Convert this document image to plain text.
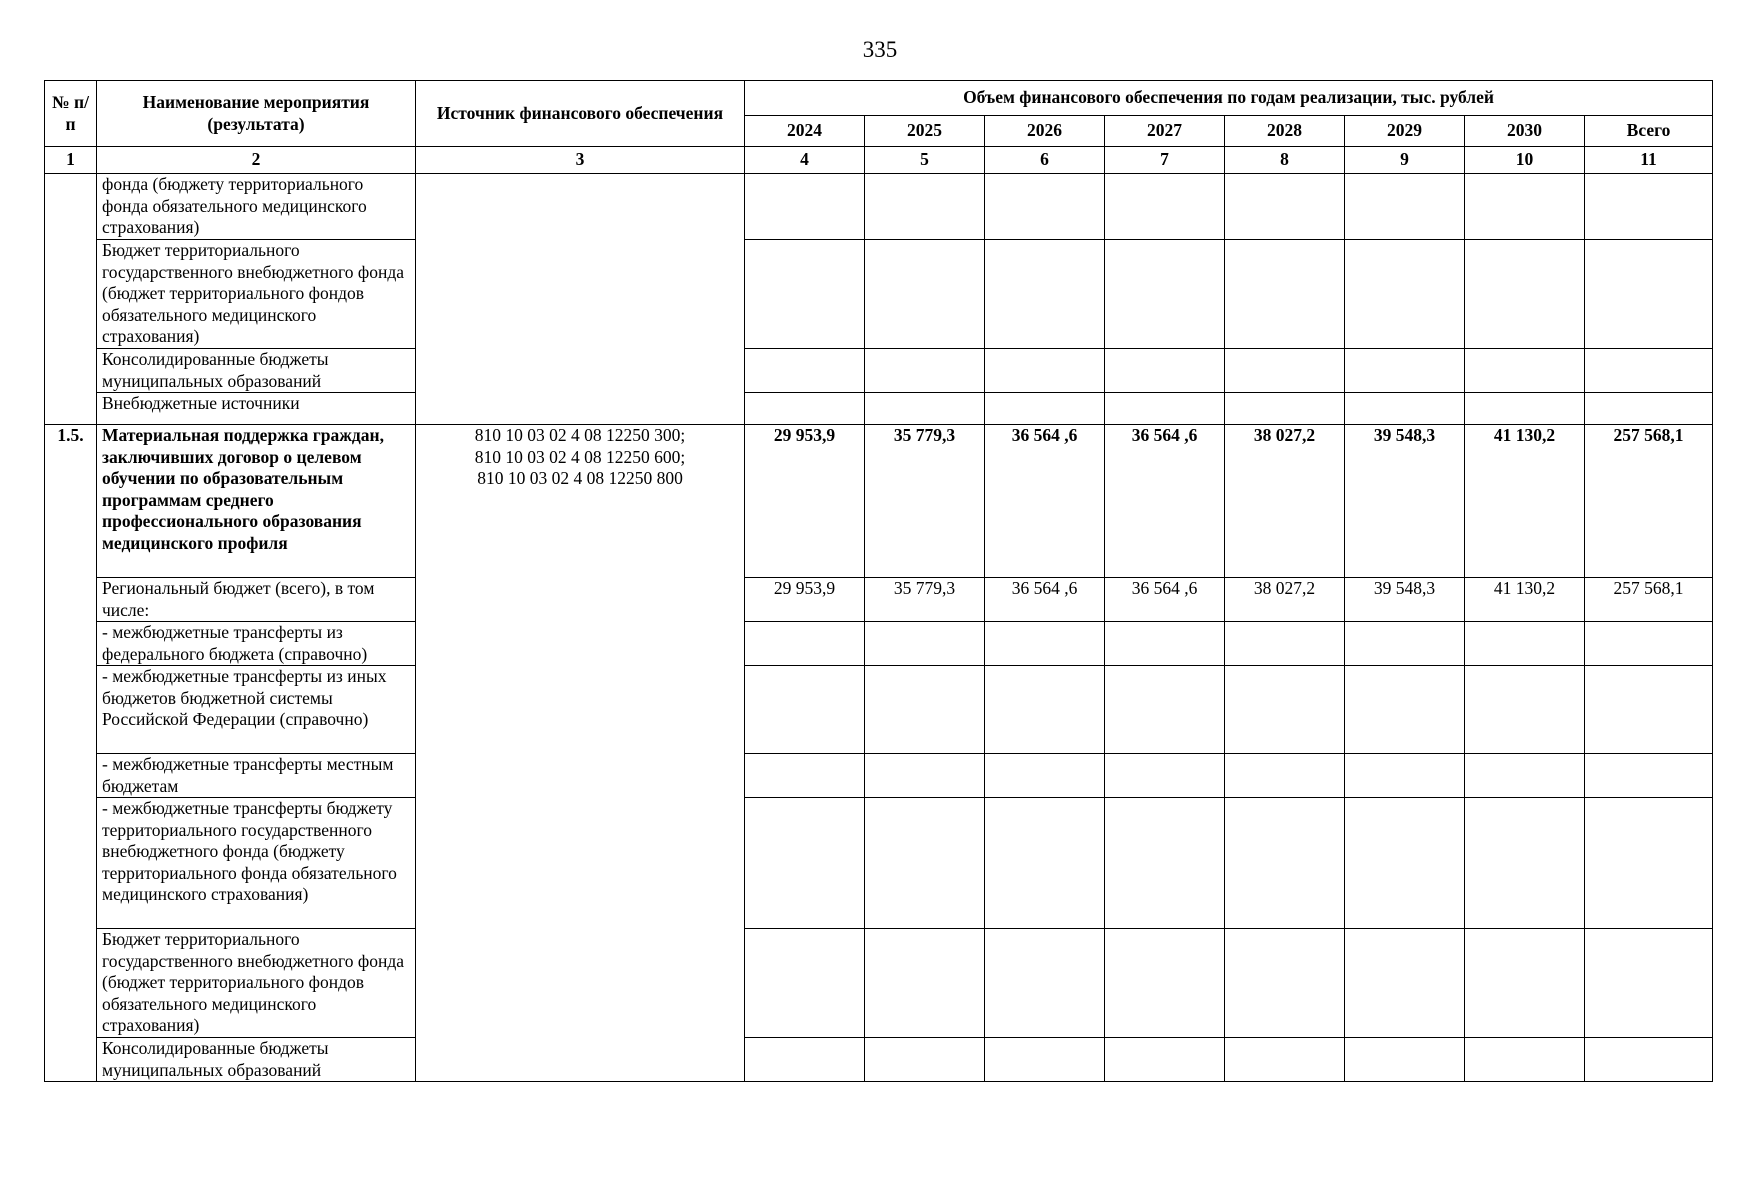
335
№ п/п	Наименование мероприятия (результата)	Источник финансового обеспечения	Объем финансового обеспечения по годам реализации, тыс. рублей							
			2024	2025	2026	2027	2028	2029	2030	Всего
1	2	3	4	5	6	7	8	9	10	11
	фонда (бюджету территориального фонда обязательного медицинского страхования)									
	Бюджет территориального государственного внебюджетного фонда (бюджет территориального фондов обязательного медицинского страхования)									
	Консолидированные бюджеты муниципальных образований									
	Внебюджетные источники									
1.5.	Материальная поддержка граждан, заключивших договор о целевом обучении по образовательным программам среднего профессионального образования медицинского профиля	810 10 03 02 4 08 12250 300;
810 10 03 02 4 08 12250 600;
810 10 03 02 4 08 12250 800	29 953,9	35 779,3	36 564 ,6	36 564 ,6	38 027,2	39 548,3	41 130,2	257 568,1
	Региональный бюджет (всего), в том числе:		29 953,9	35 779,3	36 564 ,6	36 564 ,6	38 027,2	39 548,3	41 130,2	257 568,1
	- межбюджетные трансферты из федерального бюджета (справочно)									
	- межбюджетные трансферты из иных бюджетов бюджетной системы Российской Федерации (справочно)									
	- межбюджетные трансферты местным бюджетам									
	- межбюджетные трансферты бюджету территориального государственного внебюджетного фонда (бюджету территориального фонда обязательного медицинского страхования)									
	Бюджет территориального государственного внебюджетного фонда (бюджет территориального фондов обязательного медицинского страхования)									
	Консолидированные бюджеты муниципальных образований									
